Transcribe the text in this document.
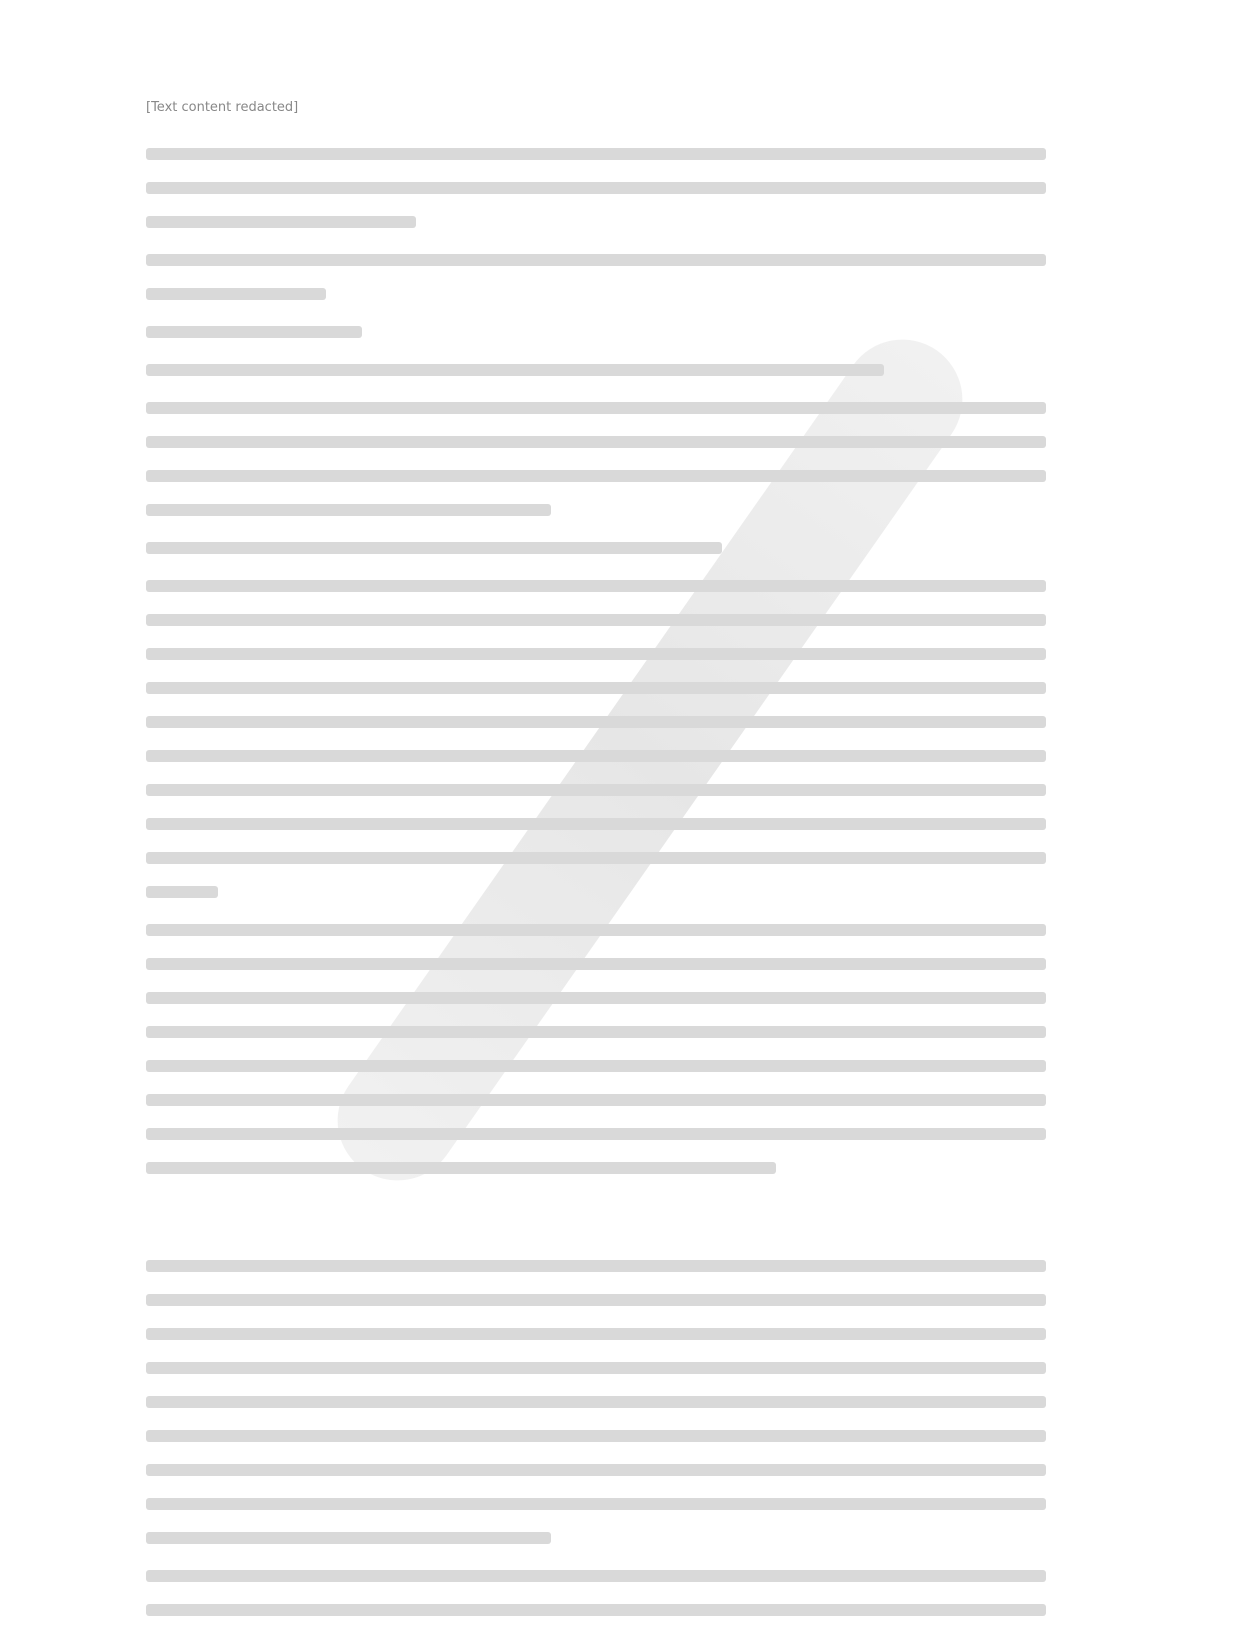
[Text content redacted]
